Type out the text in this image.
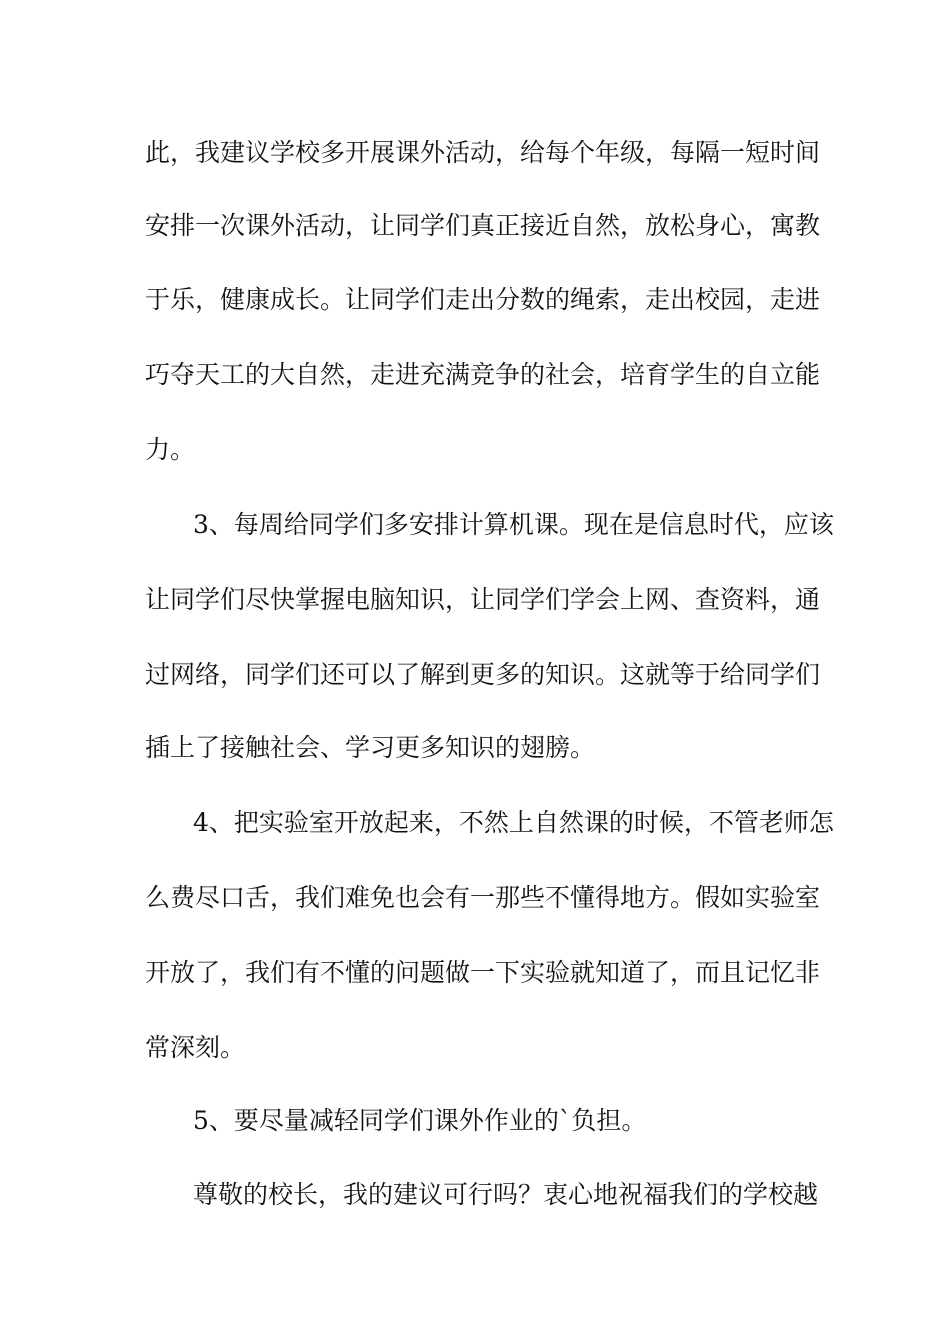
此，我建议学校多开展课外活动，给每个年级，每隔一短时间
安排一次课外活动，让同学们真正接近自然，放松身心，寓教
于乐，健康成长。让同学们走出分数的绳索，走出校园，走进
巧夺天工的大自然，走进充满竞争的社会，培育学生的自立能
力。
3、每周给同学们多安排计算机课。现在是信息时代，应该
让同学们尽快掌握电脑知识，让同学们学会上网、查资料，通
过网络，同学们还可以了解到更多的知识。这就等于给同学们
插上了接触社会、学习更多知识的翅膀。
4、把实验室开放起来，不然上自然课的时候，不管老师怎
么费尽口舌，我们难免也会有一那些不懂得地方。假如实验室
开放了，我们有不懂的问题做一下实验就知道了，而且记忆非
常深刻。
5、要尽量减轻同学们课外作业的`负担。
尊敬的校长，我的建议可行吗？衷心地祝福我们的学校越
